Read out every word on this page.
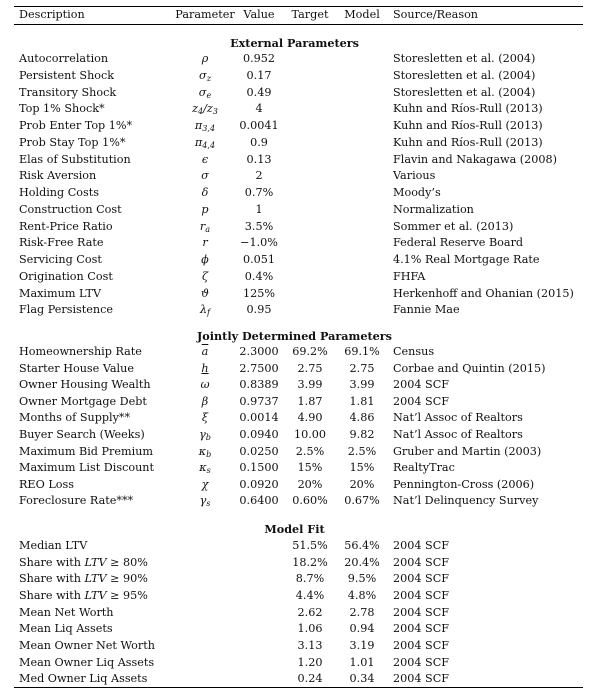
Description	Parameter Value	Target	Model	Source/Reason
External Parameters
Autocorrelation	ρ	0.952	Storesletten et al. (2004)
Persistent Shock	$\sigma_z$	0.17	Storesletten et al. (2004)
Transitory Shock	$\sigma_e$	0.49	Storesletten et al. (2004)
Top 1% Shock*	$z_4/z_3$	4	Kuhn and Ríos-Rull (2013)
Prob Enter Top 1%*	$\pi_{3,4}$	0.0041	Kuhn and Ríos-Rull (2013)
Prob Stay Top 1%*	$\pi_{4,4}$	0.9	Kuhn and Ríos-Rull (2013)
Elas of Substitution	ϵ	0.13	Flavin and Nakagawa (2008)
Risk Aversion	σ	2	Various
Holding Costs	δ	0.7%	Moody’s
Construction Cost	p	1	Normalization
Rent-Price Ratio	$r_a$	3.5%	Sommer et al. (2013)
Risk-Free Rate	r	−1.0%	Federal Reserve Board
Servicing Cost	ϕ	0.051	4.1% Real Mortgage Rate
Origination Cost	ζ	0.4%	FHFA
Maximum LTV	ϑ	125%	Herkenhoff and Ohanian (2015)
Flag Persistence	$\lambda_f$	0.95	Fannie Mae
Jointly Determined Parameters
Homeownership Rate	$\overline{a}$	2.3000	69.2%	69.1%	Census
Starter House Value	h	2.7500	2.75	2.75	Corbae and Quintin (2015)
Owner Housing Wealth	ω	0.8389	3.99	3.99	2004 SCF
Owner Mortgage Debt	β	0.9737	1.87	1.81	2004 SCF
Months of Supply**	ξ	0.0014	4.90	4.86	Nat’l Assoc of Realtors
Buyer Search (Weeks)	$\gamma_b$	0.0940	10.00	9.82	Nat’l Assoc of Realtors
Maximum Bid Premium	$\kappa_b$	0.0250	2.5%	2.5%	Gruber and Martin (2003)
Maximum List Discount	$\kappa_s$	0.1500	15%	15%	RealtyTrac
REO Loss	χ	0.0920	20%	20%	Pennington-Cross (2006)
Foreclosure Rate***	$\gamma_s$	0.6400	0.60%	0.67%	Nat’l Delinquency Survey
Model Fit
Median LTV	51.5%	56.4%	2004 SCF
Share with LTV ≥ 80%	18.2%	20.4%	2004 SCF
Share with LTV ≥ 90%	8.7%	9.5%	2004 SCF
Share with LTV ≥ 95%	4.4%	4.8%	2004 SCF
Mean Net Worth	2.62	2.78	2004 SCF
Mean Liq Assets	1.06	0.94	2004 SCF
Mean Owner Net Worth	3.13	3.19	2004 SCF
Mean Owner Liq Assets	1.20	1.01	2004 SCF
Med Owner Liq Assets	0.24	0.34	2004 SCF
